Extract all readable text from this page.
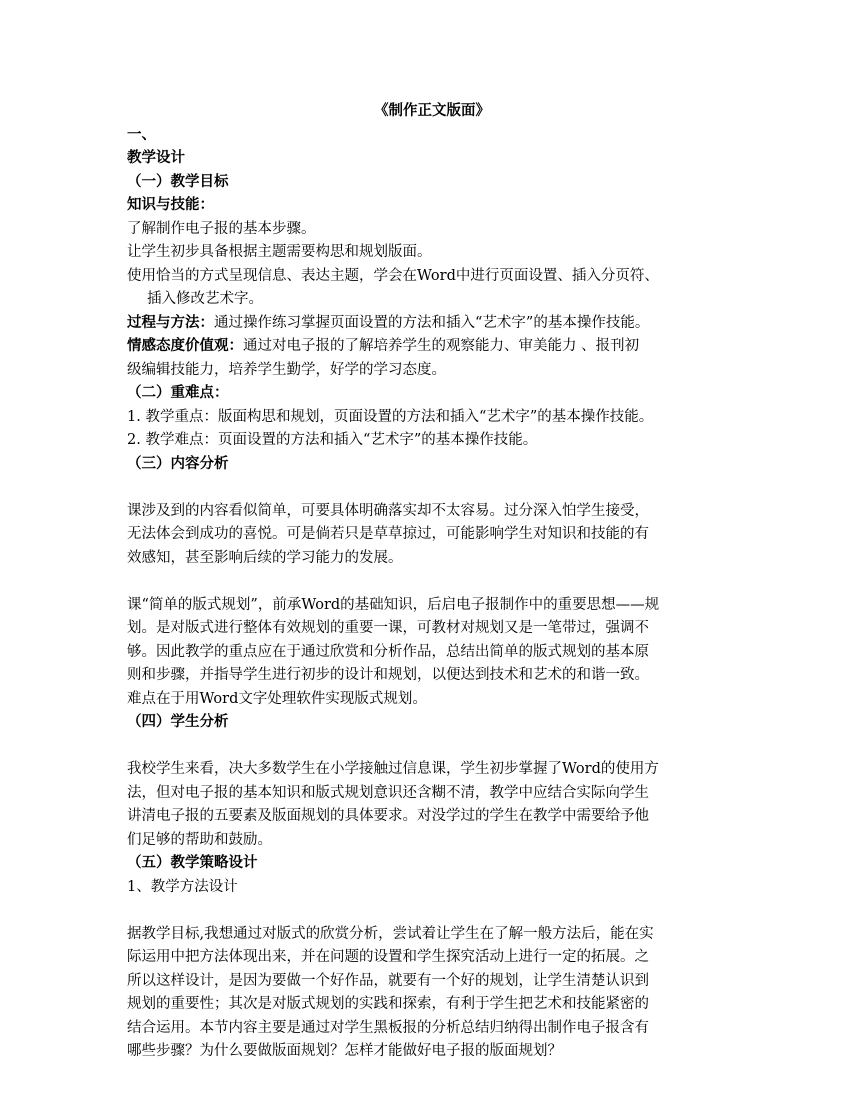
《制作正文版面》
一、
教学设计
（一）教学目标
知识与技能：
了解制作电子报的基本步骤。
让学生初步具备根据主题需要构思和规划版面。
使用恰当的方式呈现信息、表达主题，学会在Word中进行页面设置、插入分页符、
插入修改艺术字。
过程与方法：通过操作练习掌握页面设置的方法和插入“艺术字”的基本操作技能。
情感态度价值观：通过对电子报的了解培养学生的观察能力、审美能力 、报刊初
级编辑技能力，培养学生勤学，好学的学习态度。
（二）重难点：
1. 教学重点：版面构思和规划，页面设置的方法和插入“艺术字”的基本操作技能。
2. 教学难点：页面设置的方法和插入“艺术字”的基本操作技能。
（三）内容分析
课涉及到的内容看似简单，可要具体明确落实却不太容易。过分深入怕学生接受，
无法体会到成功的喜悦。可是倘若只是草草掠过，可能影响学生对知识和技能的有
效感知，甚至影响后续的学习能力的发展。
课“简单的版式规划”，前承Word的基础知识，后启电子报制作中的重要思想——规
划。是对版式进行整体有效规划的重要一课，可教材对规划又是一笔带过，强调不
够。因此教学的重点应在于通过欣赏和分析作品，总结出简单的版式规划的基本原
则和步骤，并指导学生进行初步的设计和规划，以便达到技术和艺术的和谐一致。
难点在于用Word文字处理软件实现版式规划。
（四）学生分析
我校学生来看，决大多数学生在小学接触过信息课，学生初步掌握了Word的使用方
法，但对电子报的基本知识和版式规划意识还含糊不清，教学中应结合实际向学生
讲清电子报的五要素及版面规划的具体要求。对没学过的学生在教学中需要给予他
们足够的帮助和鼓励。
（五）教学策略设计
1、教学方法设计
据教学目标,我想通过对版式的欣赏分析，尝试着让学生在了解一般方法后，能在实
际运用中把方法体现出来，并在问题的设置和学生探究活动上进行一定的拓展。之
所以这样设计，是因为要做一个好作品，就要有一个好的规划，让学生清楚认识到
规划的重要性；其次是对版式规划的实践和探索，有利于学生把艺术和技能紧密的
结合运用。本节内容主要是通过对学生黑板报的分析总结归纳得出制作电子报含有
哪些步骤？为什么要做版面规划？怎样才能做好电子报的版面规划？
